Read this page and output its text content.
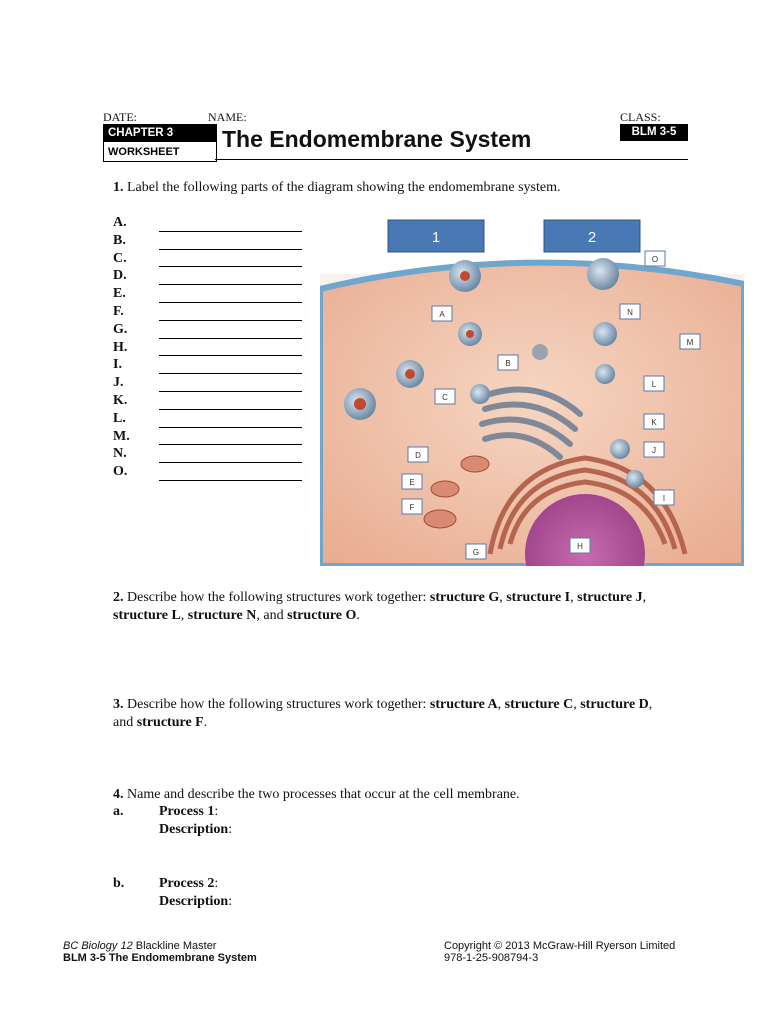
DATE:	NAME:	CLASS:
CHAPTER 3
WORKSHEET	The Endomembrane System	BLM 3-5
1. Label the following parts of the diagram showing the endomembrane system.
A.
B.
C.
D.
E.
F.
G.
H.
I.
J.
K.
L.
M.
N.
O.
1	2
A
B
C
D
E
F
G
H
I
J
K
L
M
N
O
2. Describe how the following structures work together: structure G, structure I, structure J, structure L, structure N, and structure O.
3. Describe how the following structures work together: structure A, structure C, structure D, and structure F.
4. Name and describe the two processes that occur at the cell membrane.
a.	Process 1:
Description:
b. Process 2:
Description:
BC Biology 12 Blackline Master
BLM 3-5 The Endomembrane System
Copyright © 2013 McGraw-Hill Ryerson Limited
978-1-25-908794-3
